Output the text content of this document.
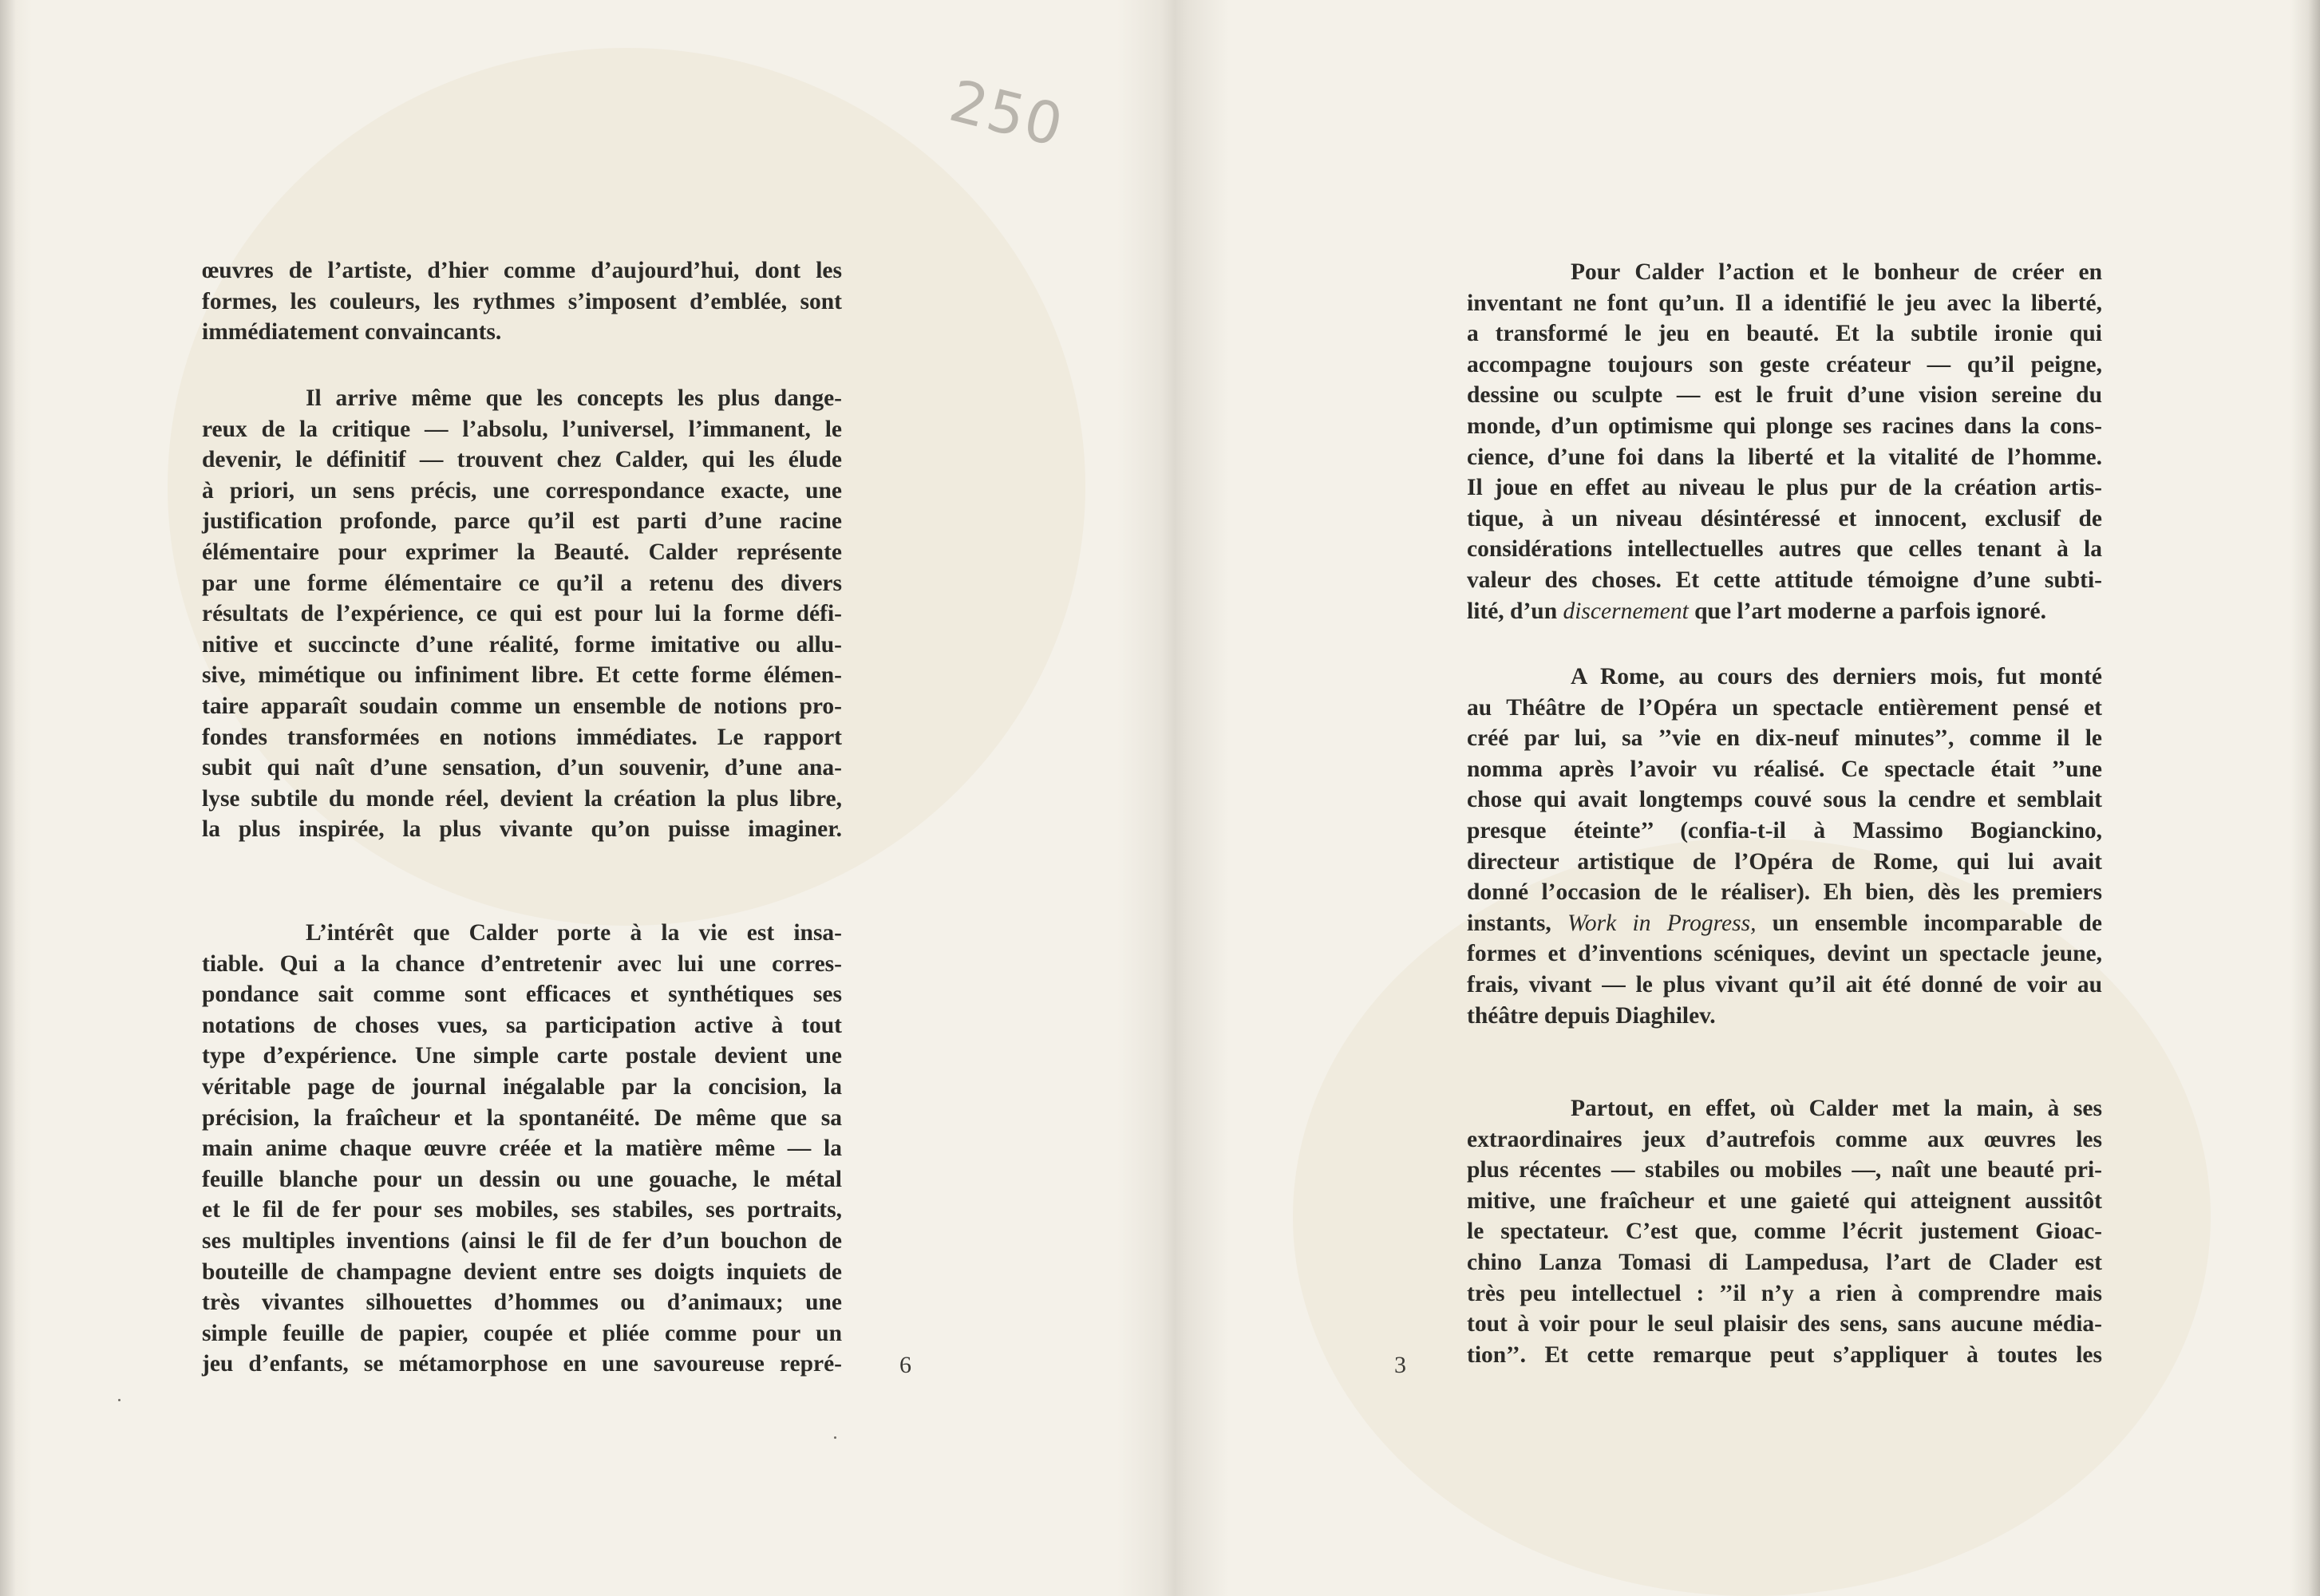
250

œuvres de l’artiste, d’hier comme d’aujourd’hui, dont les
formes, les couleurs, les rythmes s’imposent d’emblée, sont
immédiatement convaincants.

Il arrive même que les concepts les plus dange-
reux de la critique — l’absolu, l’universel, l’immanent, le
devenir, le définitif — trouvent chez Calder, qui les élude
à priori, un sens précis, une correspondance exacte, une
justification profonde, parce qu’il est parti d’une racine
élémentaire pour exprimer la Beauté. Calder représente
par une forme élémentaire ce qu’il a retenu des divers
résultats de l’expérience, ce qui est pour lui la forme défi-
nitive et succincte d’une réalité, forme imitative ou allu-
sive, mimétique ou infiniment libre. Et cette forme élémen-
taire apparaît soudain comme un ensemble de notions pro-
fondes transformées en notions immédiates. Le rapport
subit qui naît d’une sensation, d’un souvenir, d’une ana-
lyse subtile du monde réel, devient la création la plus libre,
la plus inspirée, la plus vivante qu’on puisse imaginer.

L’intérêt que Calder porte à la vie est insa-
tiable. Qui a la chance d’entretenir avec lui une corres-
pondance sait comme sont efficaces et synthétiques ses
notations de choses vues, sa participation active à tout
type d’expérience. Une simple carte postale devient une
véritable page de journal inégalable par la concision, la
précision, la fraîcheur et la spontanéité. De même que sa
main anime chaque œuvre créée et la matière même — la
feuille blanche pour un dessin ou une gouache, le métal
et le fil de fer pour ses mobiles, ses stabiles, ses portraits,
ses multiples inventions (ainsi le fil de fer d’un bouchon de
bouteille de champagne devient entre ses doigts inquiets de
très vivantes silhouettes d’hommes ou d’animaux; une
simple feuille de papier, coupée et pliée comme pour un
jeu d’enfants, se métamorphose en une savoureuse repré- 6	3

Pour Calder l’action et le bonheur de créer en
inventant ne font qu’un. Il a identifié le jeu avec la liberté,
a transformé le jeu en beauté. Et la subtile ironie qui
accompagne toujours son geste créateur — qu’il peigne,
dessine ou sculpte — est le fruit d’une vision sereine du
monde, d’un optimisme qui plonge ses racines dans la cons-
cience, d’une foi dans la liberté et la vitalité de l’homme.
Il joue en effet au niveau le plus pur de la création artis-
tique, à un niveau désintéressé et innocent, exclusif de
considérations intellectuelles autres que celles tenant à la
valeur des choses. Et cette attitude témoigne d’une subti-
lité, d’un discernement que l’art moderne a parfois ignoré.

A Rome, au cours des derniers mois, fut monté
au Théâtre de l’Opéra un spectacle entièrement pensé et
créé par lui, sa ’’vie en dix-neuf minutes’’, comme il le
nomma après l’avoir vu réalisé. Ce spectacle était ’’une
chose qui avait longtemps couvé sous la cendre et semblait
presque éteinte’’ (confia-t-il à Massimo Bogianckino,
directeur artistique de l’Opéra de Rome, qui lui avait
donné l’occasion de le réaliser). Eh bien, dès les premiers
instants, Work in Progress, un ensemble incomparable de
formes et d’inventions scéniques, devint un spectacle jeune,
frais, vivant — le plus vivant qu’il ait été donné de voir au
théâtre depuis Diaghilev.

Partout, en effet, où Calder met la main, à ses
extraordinaires jeux d’autrefois comme aux œuvres les
plus récentes — stabiles ou mobiles —, naît une beauté pri-
mitive, une fraîcheur et une gaieté qui atteignent aussitôt
le spectateur. C’est que, comme l’écrit justement Gioac-
chino Lanza Tomasi di Lampedusa, l’art de Clader est
très peu intellectuel : ’’il n’y a rien à comprendre mais
tout à voir pour le seul plaisir des sens, sans aucune média-
tion’’. Et cette remarque peut s’appliquer à toutes les
